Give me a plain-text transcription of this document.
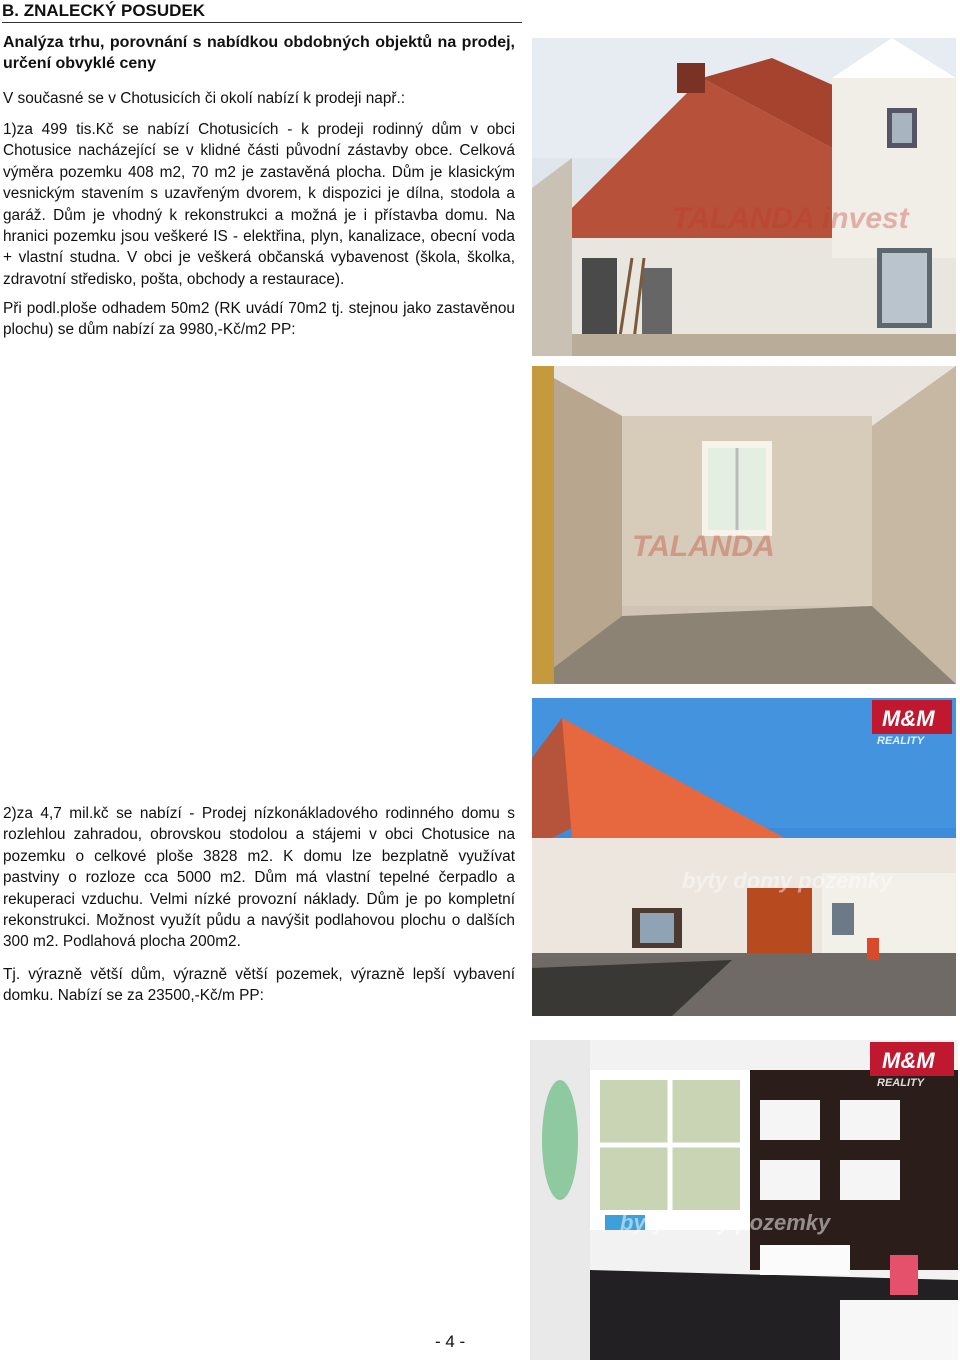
B. ZNALECKÝ POSUDEK
Analýza trhu, porovnání s nabídkou obdobných objektů na prodej, určení obvyklé ceny

V současné se v Chotusicích či okolí nabízí k prodeji např.:

1)za 499 tis.Kč se nabízí Chotusicích - k prodeji rodinný dům v obci Chotusice nacházející se v klidné části původní zástavby obce. Celková výměra pozemku 408 m2, 70 m2 je zastavěná plocha. Dům je klasickým vesnickým stavením s uzavřeným dvorem, k dispozici je dílna, stodola a garáž. Dům je vhodný k rekonstrukci a možná je i přístavba domu. Na hranici pozemku jsou veškeré IS - elektřina, plyn, kanalizace, obecní voda + vlastní studna. V obci je veškerá občanská vybavenost (škola, školka, zdravotní středisko, pošta, obchody a restaurace).

Při podl.ploše odhadem 50m2 (RK uvádí 70m2 tj. stejnou jako zastavěnou plochu) se dům nabízí za 9980,-Kč/m2 PP:

2)za 4,7 mil.kč se nabízí - Prodej nízkonákladového rodinného domu s rozlehlou zahradou, obrovskou stodolou a stájemi v obci Chotusice na pozemku o celkové ploše 3828 m2. K domu lze bezplatně využívat pastviny o rozloze cca 5000 m2. Dům má vlastní tepelné čerpadlo a rekuperaci vzduchu. Velmi nízké provozní náklady. Dům je po kompletní rekonstrukci. Možnost využít půdu a navýšit podlahovou plochu o dalších 300 m2. Podlahová plocha 200m2.

Tj. výrazně větší dům, výrazně větší pozemek, výrazně lepší vybavení domku. Nabízí se za 23500,-Kč/m PP:

TALANDA invest
TALANDA
M&M
REALITY
byty domy pozemky
M&M
REALITY
byty domy pozemky
- 4 -
